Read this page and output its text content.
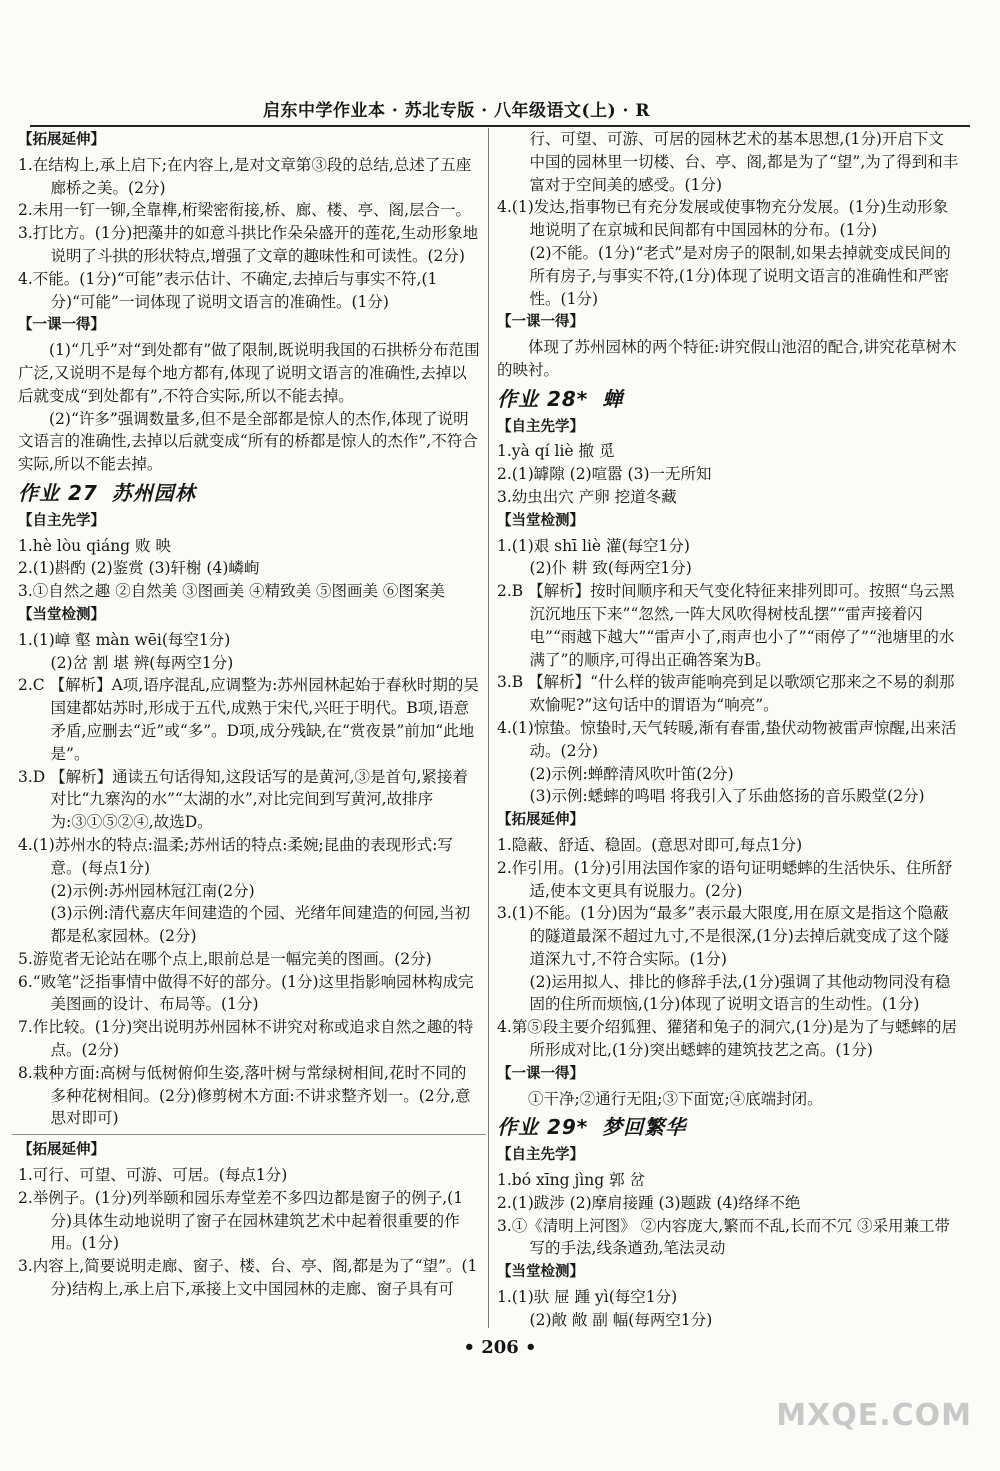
启东中学作业本 · 苏北专版 · 八年级语文(上) · R
【拓展延伸】

1.在结构上,承上启下;在内容上,是对文章第③段的总结,总述了五座廊桥之美。(2分)

2.未用一钉一铆,全靠榫,桁梁密衔接,桥、廊、楼、亭、阁,层合一。

3.打比方。(1分)把藻井的如意斗拱比作朵朵盛开的莲花,生动形象地说明了斗拱的形状特点,增强了文章的趣味性和可读性。(2分)

4.不能。(1分)“可能”表示估计、不确定,去掉后与事实不符,(1分)“可能”一词体现了说明文语言的准确性。(1分)

【一课一得】

(1)“几乎”对“到处都有”做了限制,既说明我国的石拱桥分布范围广泛,又说明不是每个地方都有,体现了说明文语言的准确性,去掉以后就变成“到处都有”,不符合实际,所以不能去掉。

(2)“许多”强调数量多,但不是全部都是惊人的杰作,体现了说明文语言的准确性,去掉以后就变成“所有的桥都是惊人的杰作”,不符合实际,所以不能去掉。

作业 27 苏州园林
【自主先学】

1.hè lòu qiáng 败 映

2.(1)斟酌 (2)鉴赏 (3)轩榭 (4)嶙峋

3.①自然之趣 ②自然美 ③图画美 ④精致美 ⑤图画美 ⑥图案美

【当堂检测】

1.(1)嶂 壑 màn wēi(每空1分)

(2)岔 割 堪 辨(每两空1分)

2.C 【解析】A项,语序混乱,应调整为:苏州园林起始于春秋时期的吴国建都姑苏时,形成于五代,成熟于宋代,兴旺于明代。B项,语意矛盾,应删去“近”或“多”。D项,成分残缺,在“赏夜景”前加“此地是”。

3.D 【解析】通读五句话得知,这段话写的是黄河,③是首句,紧接着对比“九寨沟的水”“太湖的水”,对比完间到写黄河,故排序为:③①⑤②④,故选D。

4.(1)苏州水的特点:温柔;苏州话的特点:柔婉;昆曲的表现形式:写意。(每点1分)

(2)示例:苏州园林冠江南(2分)

(3)示例:清代嘉庆年间建造的个园、光绪年间建造的何园,当初都是私家园林。(2分)

5.游览者无论站在哪个点上,眼前总是一幅完美的图画。(2分)

6.“败笔”泛指事情中做得不好的部分。(1分)这里指影响园林构成完美图画的设计、布局等。(1分)

7.作比较。(1分)突出说明苏州园林不讲究对称或追求自然之趣的特点。(2分)

8.栽种方面:高树与低树俯仰生姿,落叶树与常绿树相间,花时不同的多种花树相间。(2分)修剪树木方面:不讲求整齐划一。(2分,意思对即可)

【拓展延伸】

1.可行、可望、可游、可居。(每点1分)

2.举例子。(1分)列举颐和园乐寿堂差不多四边都是窗子的例子,(1分)具体生动地说明了窗子在园林建筑艺术中起着很重要的作用。(1分)

3.内容上,简要说明走廊、窗子、楼、台、亭、阁,都是为了“望”。(1分)结构上,承上启下,承接上文中国园林的走廊、窗子具有可

行、可望、可游、可居的园林艺术的基本思想,(1分)开启下文中国的园林里一切楼、台、亭、阁,都是为了“望”,为了得到和丰富对于空间美的感受。(1分)

4.(1)发达,指事物已有充分发展或使事物充分发展。(1分)生动形象地说明了在京城和民间都有中国园林的分布。(1分)

(2)不能。(1分)“老式”是对房子的限制,如果去掉就变成民间的所有房子,与事实不符,(1分)体现了说明文语言的准确性和严密性。(1分)

【一课一得】

体现了苏州园林的两个特征:讲究假山池沼的配合,讲究花草树木的映衬。

作业 28* 蝉
【自主先学】

1.yà qí liè 撤 觅

2.(1)罅隙 (2)喧嚣 (3)一无所知

3.幼虫出穴 产卵 挖道冬藏

【当堂检测】

1.(1)艰 shī liè 灌(每空1分)

(2)仆 耕 致(每两空1分)

2.B 【解析】按时间顺序和天气变化特征来排列即可。按照“乌云黑沉沉地压下来”“忽然,一阵大风吹得树枝乱摆”“雷声接着闪电”“雨越下越大”“雷声小了,雨声也小了”“雨停了”“池塘里的水满了”的顺序,可得出正确答案为B。

3.B 【解析】“什么样的钹声能响亮到足以歌颂它那来之不易的刹那欢愉呢?”这句话中的谓语为“响亮”。

4.(1)惊蛰。惊蛰时,天气转暖,渐有春雷,蛰伏动物被雷声惊醒,出来活动。(2分)

(2)示例:蝉醉清风吹叶笛(2分)

(3)示例:蟋蟀的鸣唱 将我引入了乐曲悠扬的音乐殿堂(2分)

【拓展延伸】

1.隐蔽、舒适、稳固。(意思对即可,每点1分)

2.作引用。(1分)引用法国作家的语句证明蟋蟀的生活快乐、住所舒适,使本文更具有说服力。(2分)

3.(1)不能。(1分)因为“最多”表示最大限度,用在原文是指这个隐蔽的隧道最深不超过九寸,不是很深,(1分)去掉后就变成了这个隧道深九寸,不符合实际。(1分)

(2)运用拟人、排比的修辞手法,(1分)强调了其他动物同没有稳固的住所而烦恼,(1分)体现了说明文语言的生动性。(1分)

4.第⑤段主要介绍狐狸、獾猪和兔子的洞穴,(1分)是为了与蟋蟀的居所形成对比,(1分)突出蟋蟀的建筑技艺之高。(1分)

【一课一得】

①干净;②通行无阻;③下面宽;④底端封闭。

作业 29* 梦回繁华
【自主先学】

1.bó xīng jìng 郭 岔

2.(1)跋涉 (2)摩肩接踵 (3)题跋 (4)络绎不绝

3.①《清明上河图》 ②内容庞大,繁而不乱,长而不冗 ③采用兼工带写的手法,线条遒劲,笔法灵动

【当堂检测】

1.(1)驮 屉 踵 yì(每空1分)

(2)敞 敞 副 幅(每两空1分)

• 206 •
MXQE.COM
